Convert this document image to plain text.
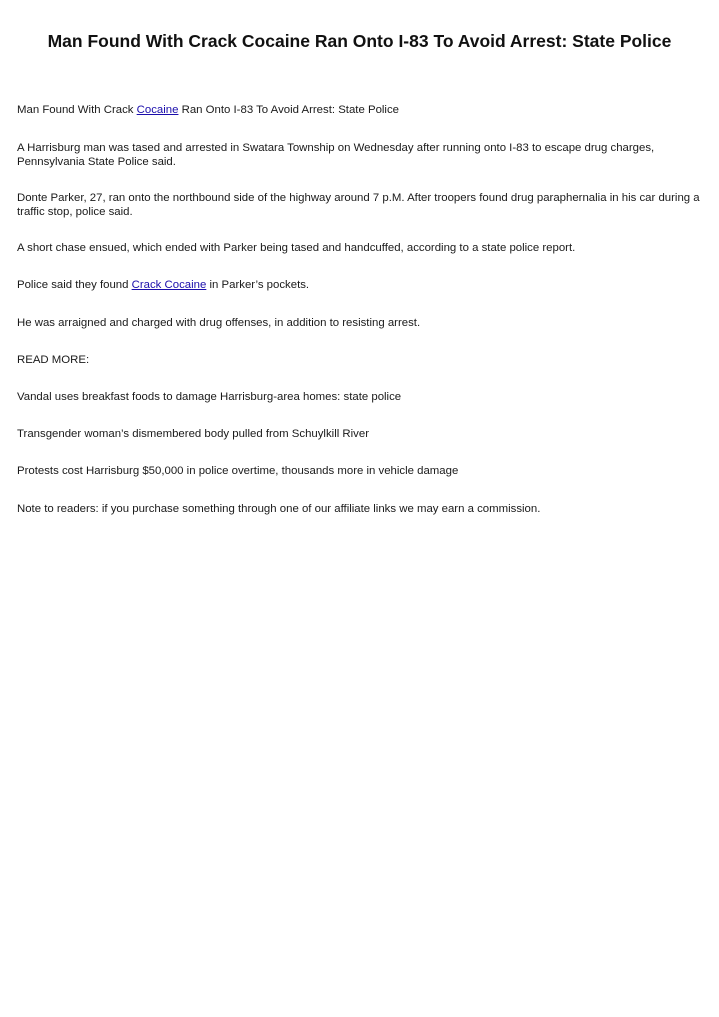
Man Found With Crack Cocaine Ran Onto I-83 To Avoid Arrest: State Police

Man Found With Crack Cocaine Ran Onto I-83 To Avoid Arrest: State Police

A Harrisburg man was tased and arrested in Swatara Township on Wednesday after running onto I-83 to escape drug charges, Pennsylvania State Police said.

Donte Parker, 27, ran onto the northbound side of the highway around 7 p.M. After troopers found drug paraphernalia in his car during a traffic stop, police said.

A short chase ensued, which ended with Parker being tased and handcuffed, according to a state police report.

Police said they found Crack Cocaine in Parker’s pockets.

He was arraigned and charged with drug offenses, in addition to resisting arrest.

READ MORE:

Vandal uses breakfast foods to damage Harrisburg-area homes: state police

Transgender woman’s dismembered body pulled from Schuylkill River

Protests cost Harrisburg $50,000 in police overtime, thousands more in vehicle damage

Note to readers: if you purchase something through one of our affiliate links we may earn a commission.
